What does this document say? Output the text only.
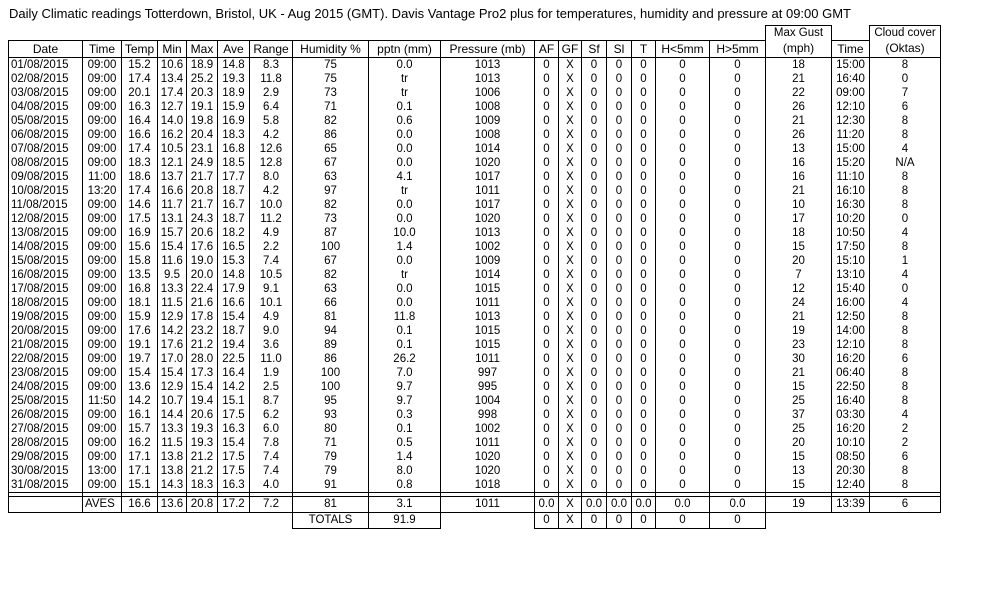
Daily Climatic readings Totterdown, Bristol, UK - Aug 2015 (GMT). Davis Vantage Pro2 plus for temperatures, humidity and pressure at 09:00 GMT
																	Max Gust		Cloud cover
Date	Time	Temp	Min	Max	Ave	Range	Humidity %	pptn (mm)	Pressure (mb)	AF	GF	Sf	Sl	T	H<5mm	H>5mm	(mph)	Time	(Oktas)
01/08/2015	09:00	15.2	10.6	18.9	14.8	8.3	75	0.0	1013	0	X	0	0	0	0	0	18	15:00	8
02/08/2015	09:00	17.4	13.4	25.2	19.3	11.8	75	tr	1013	0	X	0	0	0	0	0	21	16:40	0
03/08/2015	09:00	20.1	17.4	20.3	18.9	2.9	73	tr	1006	0	X	0	0	0	0	0	22	09:00	7
04/08/2015	09:00	16.3	12.7	19.1	15.9	6.4	71	0.1	1008	0	X	0	0	0	0	0	26	12:10	6
05/08/2015	09:00	16.4	14.0	19.8	16.9	5.8	82	0.6	1009	0	X	0	0	0	0	0	21	12:30	8
06/08/2015	09:00	16.6	16.2	20.4	18.3	4.2	86	0.0	1008	0	X	0	0	0	0	0	26	11:20	8
07/08/2015	09:00	17.4	10.5	23.1	16.8	12.6	65	0.0	1014	0	X	0	0	0	0	0	13	15:00	4
08/08/2015	09:00	18.3	12.1	24.9	18.5	12.8	67	0.0	1020	0	X	0	0	0	0	0	16	15:20	N/A
09/08/2015	11:00	18.6	13.7	21.7	17.7	8.0	63	4.1	1017	0	X	0	0	0	0	0	16	11:10	8
10/08/2015	13:20	17.4	16.6	20.8	18.7	4.2	97	tr	1011	0	X	0	0	0	0	0	21	16:10	8
11/08/2015	09:00	14.6	11.7	21.7	16.7	10.0	82	0.0	1017	0	X	0	0	0	0	0	10	16:30	8
12/08/2015	09:00	17.5	13.1	24.3	18.7	11.2	73	0.0	1020	0	X	0	0	0	0	0	17	10:20	0
13/08/2015	09:00	16.9	15.7	20.6	18.2	4.9	87	10.0	1013	0	X	0	0	0	0	0	18	10:50	4
14/08/2015	09:00	15.6	15.4	17.6	16.5	2.2	100	1.4	1002	0	X	0	0	0	0	0	15	17:50	8
15/08/2015	09:00	15.8	11.6	19.0	15.3	7.4	67	0.0	1009	0	X	0	0	0	0	0	20	15:10	1
16/08/2015	09:00	13.5	9.5	20.0	14.8	10.5	82	tr	1014	0	X	0	0	0	0	0	7	13:10	4
17/08/2015	09:00	16.8	13.3	22.4	17.9	9.1	63	0.0	1015	0	X	0	0	0	0	0	12	15:40	0
18/08/2015	09:00	18.1	11.5	21.6	16.6	10.1	66	0.0	1011	0	X	0	0	0	0	0	24	16:00	4
19/08/2015	09:00	15.9	12.9	17.8	15.4	4.9	81	11.8	1013	0	X	0	0	0	0	0	21	12:50	8
20/08/2015	09:00	17.6	14.2	23.2	18.7	9.0	94	0.1	1015	0	X	0	0	0	0	0	19	14:00	8
21/08/2015	09:00	19.1	17.6	21.2	19.4	3.6	89	0.1	1015	0	X	0	0	0	0	0	23	12:10	8
22/08/2015	09:00	19.7	17.0	28.0	22.5	11.0	86	26.2	1011	0	X	0	0	0	0	0	30	16:20	6
23/08/2015	09:00	15.4	15.4	17.3	16.4	1.9	100	7.0	997	0	X	0	0	0	0	0	21	06:40	8
24/08/2015	09:00	13.6	12.9	15.4	14.2	2.5	100	9.7	995	0	X	0	0	0	0	0	15	22:50	8
25/08/2015	11:50	14.2	10.7	19.4	15.1	8.7	95	9.7	1004	0	X	0	0	0	0	0	25	16:40	8
26/08/2015	09:00	16.1	14.4	20.6	17.5	6.2	93	0.3	998	0	X	0	0	0	0	0	37	03:30	4
27/08/2015	09:00	15.7	13.3	19.3	16.3	6.0	80	0.1	1002	0	X	0	0	0	0	0	25	16:20	2
28/08/2015	09:00	16.2	11.5	19.3	15.4	7.8	71	0.5	1011	0	X	0	0	0	0	0	20	10:10	2
29/08/2015	09:00	17.1	13.8	21.2	17.5	7.4	79	1.4	1020	0	X	0	0	0	0	0	15	08:50	6
30/08/2015	13:00	17.1	13.8	21.2	17.5	7.4	79	8.0	1020	0	X	0	0	0	0	0	13	20:30	8
31/08/2015	09:00	15.1	14.3	18.3	16.3	4.0	91	0.8	1018	0	X	0	0	0	0	0	15	12:40	8

	AVES	16.6	13.6	20.8	17.2	7.2	81	3.1	1011	0.0	X	0.0	0.0	0.0	0.0	0.0	19	13:39	6
							TOTALS	91.9		0	X	0	0	0	0	0			
